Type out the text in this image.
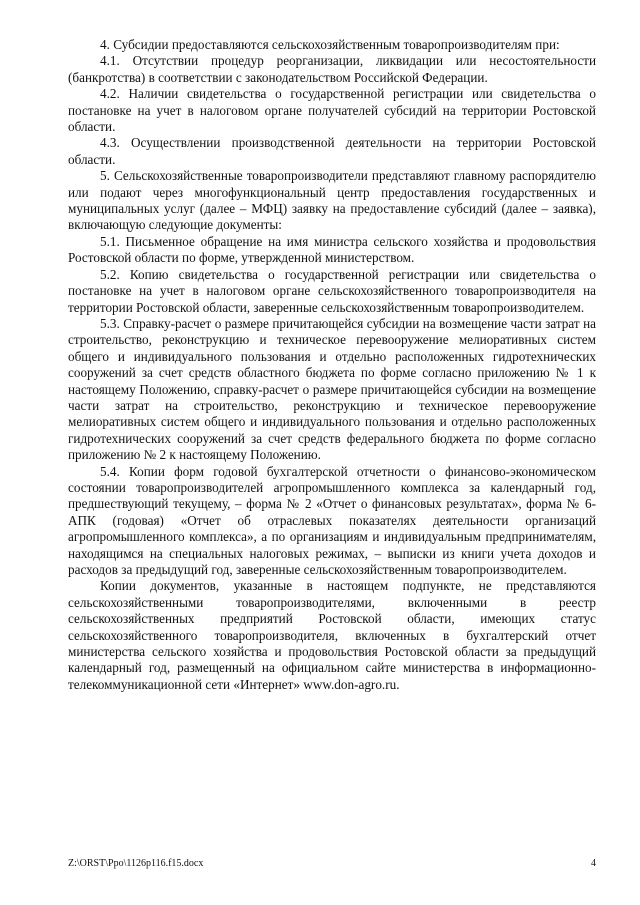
4. Субсидии предоставляются сельскохозяйственным товаропроизводителям при:

4.1. Отсутствии процедур реорганизации, ликвидации или несостоятельности (банкротства) в соответствии с законодательством Российской Федерации.

4.2. Наличии свидетельства о государственной регистрации или свидетельства о постановке на учет в налоговом органе получателей субсидий на территории Ростовской области.

4.3. Осуществлении производственной деятельности на территории Ростовской области.

5. Сельскохозяйственные товаропроизводители представляют главному распорядителю или подают через многофункциональный центр предоставления государственных и муниципальных услуг (далее – МФЦ) заявку на предоставление субсидий (далее – заявка), включающую следующие документы:

5.1. Письменное обращение на имя министра сельского хозяйства и продовольствия Ростовской области по форме, утвержденной министерством.

5.2. Копию свидетельства о государственной регистрации или свидетельства о постановке на учет в налоговом органе сельскохозяйственного товаропроизводителя на территории Ростовской области, заверенные сельскохозяйственным товаропроизводителем.

5.3. Справку-расчет о размере причитающейся субсидии на возмещение части затрат на строительство, реконструкцию и техническое перевооружение мелиоративных систем общего и индивидуального пользования и отдельно расположенных гидротехнических сооружений за счет средств областного бюджета по форме согласно приложению № 1 к настоящему Положению, справку-расчет о размере причитающейся субсидии на возмещение части затрат на строительство, реконструкцию и техническое перевооружение мелиоративных систем общего и индивидуального пользования и отдельно расположенных гидротехнических сооружений за счет средств федерального бюджета по форме согласно приложению № 2 к настоящему Положению.

5.4. Копии форм годовой бухгалтерской отчетности о финансово-экономическом состоянии товаропроизводителей агропромышленного комплекса за календарный год, предшествующий текущему, – форма № 2 «Отчет о финансовых результатах», форма № 6-АПК (годовая) «Отчет об отраслевых показателях деятельности организаций агропромышленного комплекса», а по организациям и индивидуальным предпринимателям, находящимся на специальных налоговых режимах, – выписки из книги учета доходов и расходов за предыдущий год, заверенные сельскохозяйственным товаропроизводителем.

Копии документов, указанные в настоящем подпункте, не представляются сельскохозяйственными товаропроизводителями, включенными в реестр сельскохозяйственных предприятий Ростовской области, имеющих статус сельскохозяйственного товаропроизводителя, включенных в бухгалтерский отчет министерства сельского хозяйства и продовольствия Ростовской области за предыдущий календарный год, размещенный на официальном сайте министерства в информационно-телекоммуникационной сети «Интернет» www.don-agro.ru.

Z:\ORST\Ppo\1126p116.f15.docx	4
